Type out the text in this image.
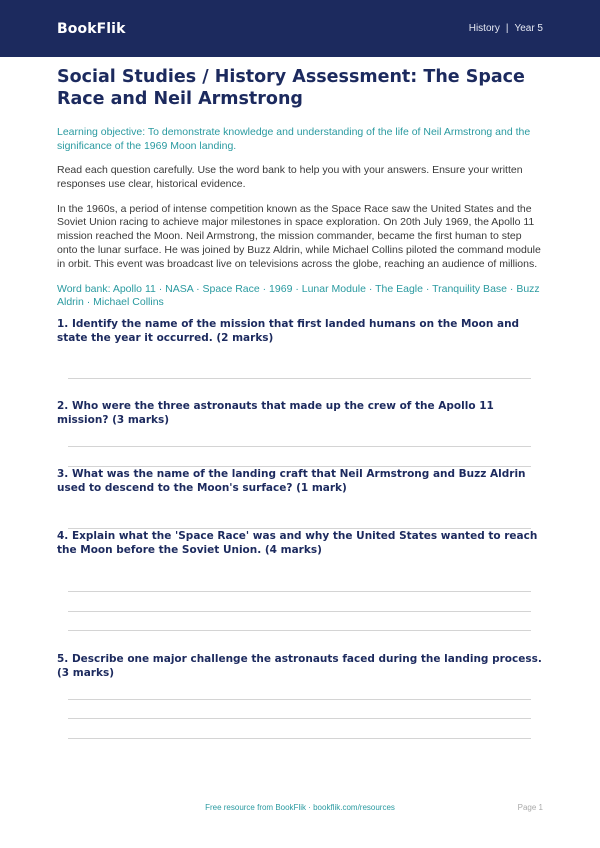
BookFlik	History | Year 5
Social Studies / History Assessment: The Space Race and Neil Armstrong

Learning objective: To demonstrate knowledge and understanding of the life of Neil Armstrong and the significance of the 1969 Moon landing.

Read each question carefully. Use the word bank to help you with your answers. Ensure your written responses use clear, historical evidence.

In the 1960s, a period of intense competition known as the Space Race saw the United States and the Soviet Union racing to achieve major milestones in space exploration. On 20th July 1969, the Apollo 11 mission reached the Moon. Neil Armstrong, the mission commander, became the first human to step onto the lunar surface. He was joined by Buzz Aldrin, while Michael Collins piloted the command module in orbit. This event was broadcast live on televisions across the globe, reaching an audience of millions.

Word bank: Apollo 11 · NASA · Space Race · 1969 · Lunar Module · The Eagle · Tranquility Base · Buzz Aldrin · Michael Collins

1. Identify the name of the mission that first landed humans on the Moon and state the year it occurred. (2 marks)
2. Who were the three astronauts that made up the crew of the Apollo 11 mission? (3 marks)
3. What was the name of the landing craft that Neil Armstrong and Buzz Aldrin used to descend to the Moon's surface? (1 mark)
4. Explain what the 'Space Race' was and why the United States wanted to reach the Moon before the Soviet Union. (4 marks)
5. Describe one major challenge the astronauts faced during the landing process. (3 marks)
Free resource from BookFlik · bookflik.com/resources	Page 1
